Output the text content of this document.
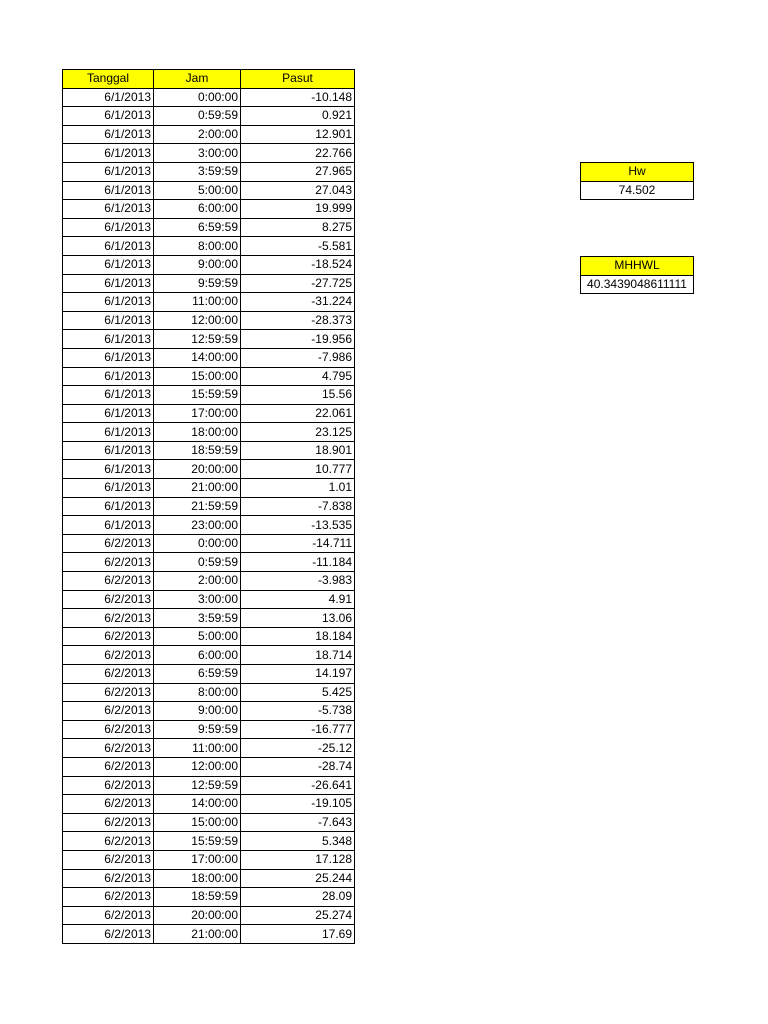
Tanggal	Jam	Pasut
6/1/2013	0:00:00	-10.148
6/1/2013	0:59:59	0.921
6/1/2013	2:00:00	12.901
6/1/2013	3:00:00	22.766
6/1/2013	3:59:59	27.965
6/1/2013	5:00:00	27.043
6/1/2013	6:00:00	19.999
6/1/2013	6:59:59	8.275
6/1/2013	8:00:00	-5.581
6/1/2013	9:00:00	-18.524
6/1/2013	9:59:59	-27.725
6/1/2013	11:00:00	-31.224
6/1/2013	12:00:00	-28.373
6/1/2013	12:59:59	-19.956
6/1/2013	14:00:00	-7.986
6/1/2013	15:00:00	4.795
6/1/2013	15:59:59	15.56
6/1/2013	17:00:00	22.061
6/1/2013	18:00:00	23.125
6/1/2013	18:59:59	18.901
6/1/2013	20:00:00	10.777
6/1/2013	21:00:00	1.01
6/1/2013	21:59:59	-7.838
6/1/2013	23:00:00	-13.535
6/2/2013	0:00:00	-14.711
6/2/2013	0:59:59	-11.184
6/2/2013	2:00:00	-3.983
6/2/2013	3:00:00	4.91
6/2/2013	3:59:59	13.06
6/2/2013	5:00:00	18.184
6/2/2013	6:00:00	18.714
6/2/2013	6:59:59	14.197
6/2/2013	8:00:00	5.425
6/2/2013	9:00:00	-5.738
6/2/2013	9:59:59	-16.777
6/2/2013	11:00:00	-25.12
6/2/2013	12:00:00	-28.74
6/2/2013	12:59:59	-26.641
6/2/2013	14:00:00	-19.105
6/2/2013	15:00:00	-7.643
6/2/2013	15:59:59	5.348
6/2/2013	17:00:00	17.128
6/2/2013	18:00:00	25.244
6/2/2013	18:59:59	28.09
6/2/2013	20:00:00	25.274
6/2/2013	21:00:00	17.69
Hw
74.502
MHHWL
40.3439048611111
